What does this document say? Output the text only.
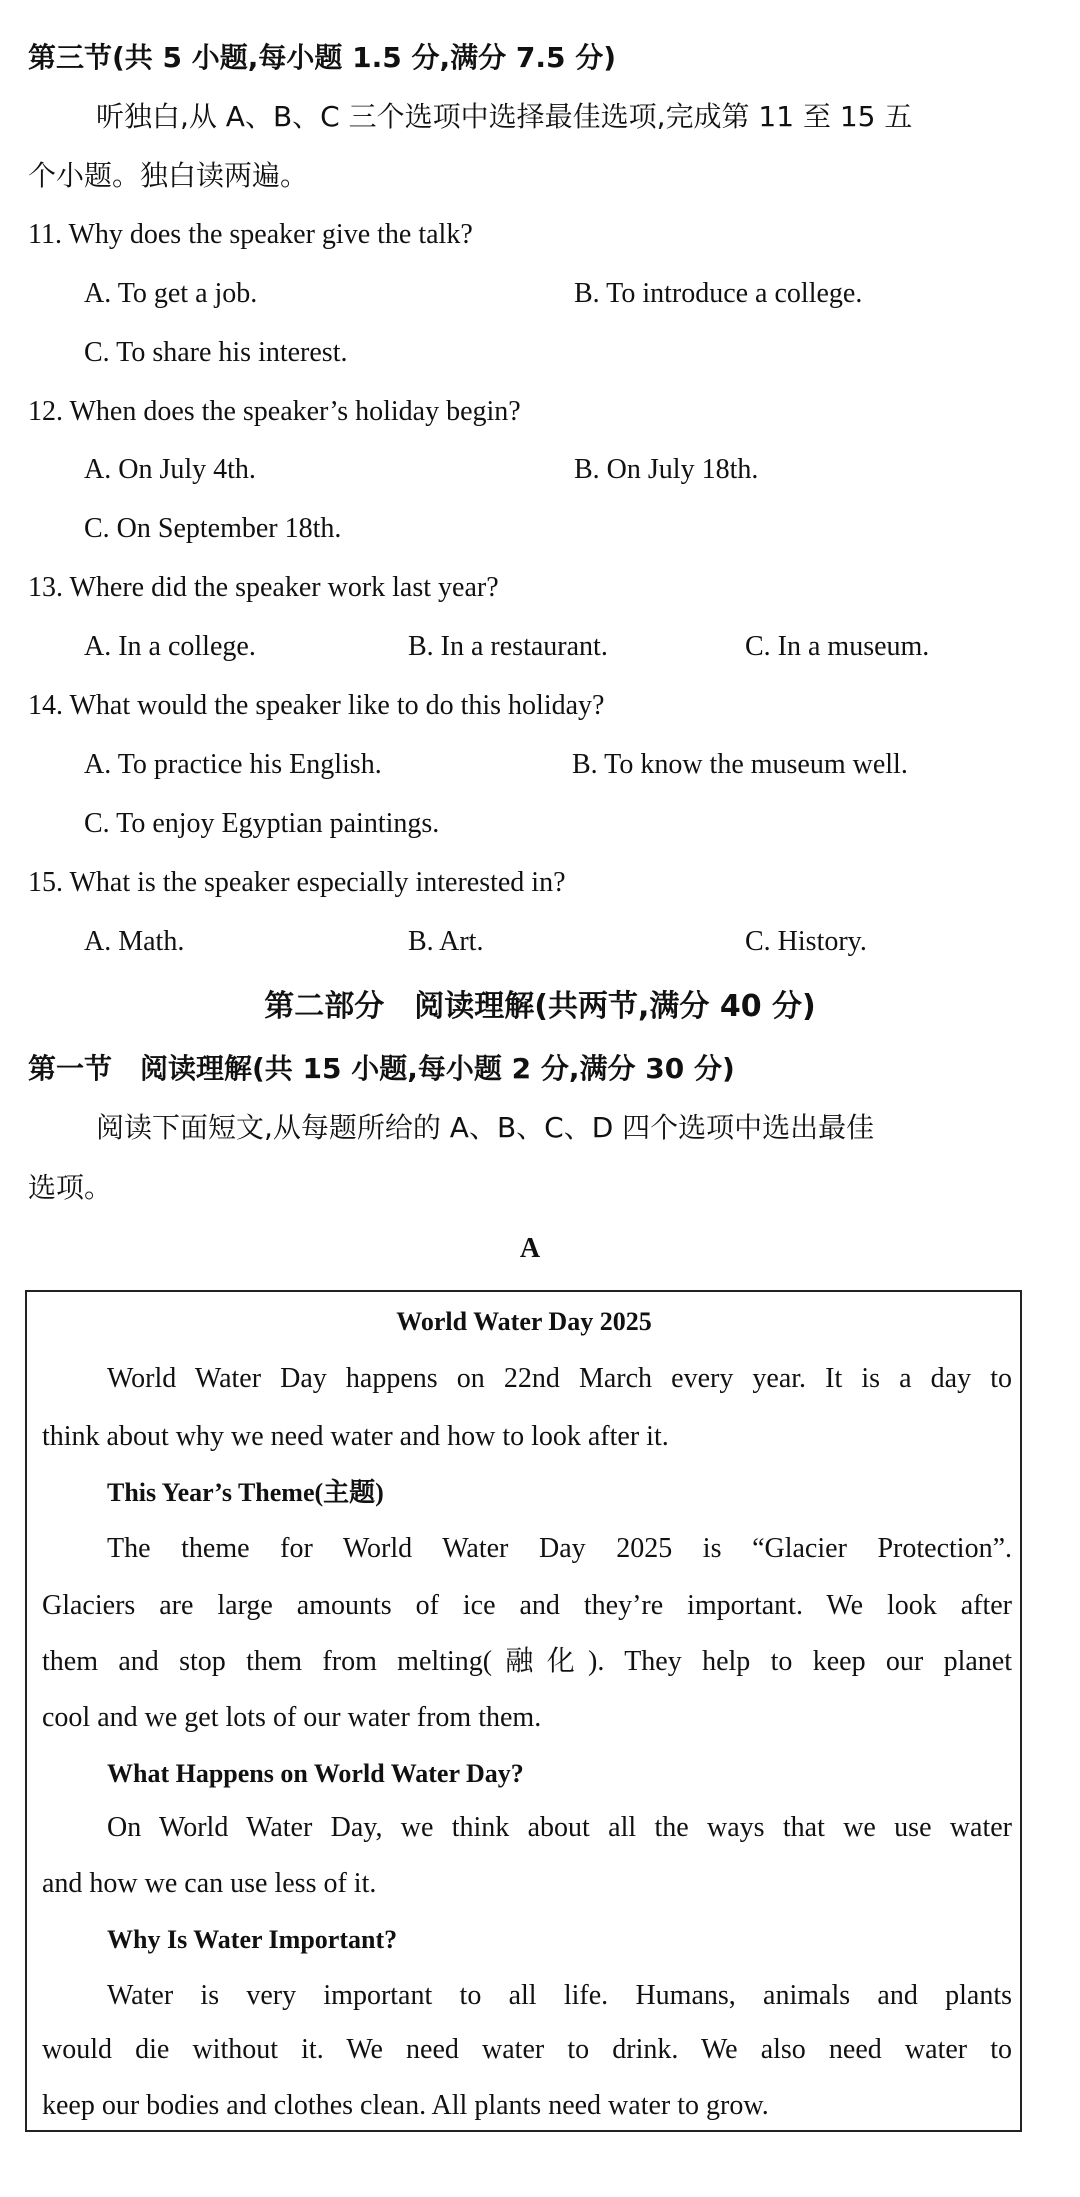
第三节(共 5 小题,每小题 1.5 分,满分 7.5 分)
听独白,从 A、B、C 三个选项中选择最佳选项,完成第 11 至 15 五
个小题。独白读两遍。
11. Why does the speaker give the talk?
A. To get a job.	B. To introduce a college.
C. To share his interest.
12. When does the speaker’s holiday begin?
A. On July 4th.	B. On July 18th.
C. On September 18th.
13. Where did the speaker work last year?
A. In a college.	B. In a restaurant.	C. In a museum.
14. What would the speaker like to do this holiday?
A. To practice his English.	B. To know the museum well.
C. To enjoy Egyptian paintings.
15. What is the speaker especially interested in?
A. Math.	B. Art.	C. History.
第二部分　阅读理解(共两节,满分 40 分)
第一节　阅读理解(共 15 小题,每小题 2 分,满分 30 分)
阅读下面短文,从每题所给的 A、B、C、D 四个选项中选出最佳
选项。
A
World Water Day 2025
World Water Day happens on 22nd March every year. It is a day to
think about why we need water and how to look after it.
This Year’s Theme(主题)
The theme for World Water Day 2025 is “Glacier Protection”.
Glaciers are large amounts of ice and they’re important. We look after
them and stop them from melting(融化). They help to keep our planet
cool and we get lots of our water from them.
What Happens on World Water Day?
On World Water Day, we think about all the ways that we use water
and how we can use less of it.
Why Is Water Important?
Water is very important to all life. Humans, animals and plants
would die without it. We need water to drink. We also need water to
keep our bodies and clothes clean. All plants need water to grow.
